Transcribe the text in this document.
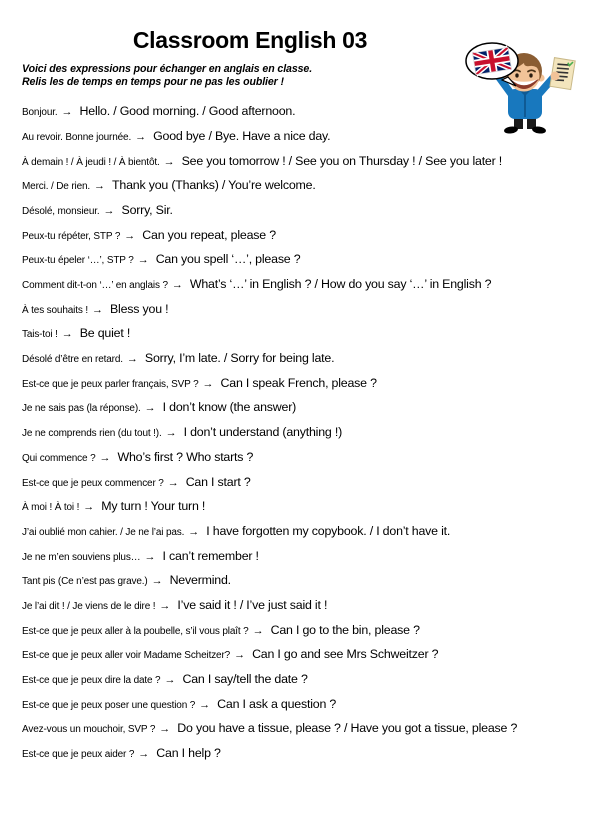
Classroom English 03
Voici des expressions pour échanger en anglais en classe.
Relis les de temps en temps pour ne pas les oublier !
Bonjour. → Hello. / Good morning. / Good afternoon.
Au revoir. Bonne journée. → Good bye / Bye. Have a nice day.
À demain ! / À jeudi ! / À bientôt. → See you tomorrow ! / See you on Thursday ! / See you later !
Merci. / De rien. → Thank you (Thanks) / You’re welcome.
Désolé, monsieur. → Sorry, Sir.
Peux-tu répéter, STP ? → Can you repeat, please ?
Peux-tu épeler ‘…’, STP ? → Can you spell ‘…’, please ?
Comment dit-t-on ‘…’ en anglais ? → What’s ‘…’ in English ? / How do you say ‘…’ in English ?
À tes souhaits ! → Bless you !
Tais-toi ! → Be quiet !
Désolé d’être en retard. → Sorry, I’m late. / Sorry for being late.
Est-ce que je peux parler français, SVP ? → Can I speak French, please ?
Je ne sais pas (la réponse). → I don’t know (the answer)
Je ne comprends rien (du tout !). → I don’t understand (anything !)
Qui commence ? → Who’s first ? Who starts ?
Est-ce que je peux commencer ? → Can I start ?
À moi ! À toi ! → My turn ! Your turn !
J’ai oublié mon cahier. / Je ne l’ai pas. → I have forgotten my copybook. / I don’t have it.
Je ne m’en souviens plus… → I can’t remember !
Tant pis (Ce n’est pas grave.) → Nevermind.
Je l’ai dit ! / Je viens de le dire ! → I’ve said it ! / I’ve just said it !
Est-ce que je peux aller à la poubelle, s’il vous plaît ? → Can I go to the bin, please ?
Est-ce que je peux aller voir Madame Scheitzer? → Can I go and see Mrs Schweitzer ?
Est-ce que je peux dire la date ? → Can I say/tell the date ?
Est-ce que je peux poser une question ? → Can I ask a question ?
Avez-vous un mouchoir, SVP ? → Do you have a tissue, please ? / Have you got a tissue, please ?
Est-ce que je peux aider ? → Can I help ?
